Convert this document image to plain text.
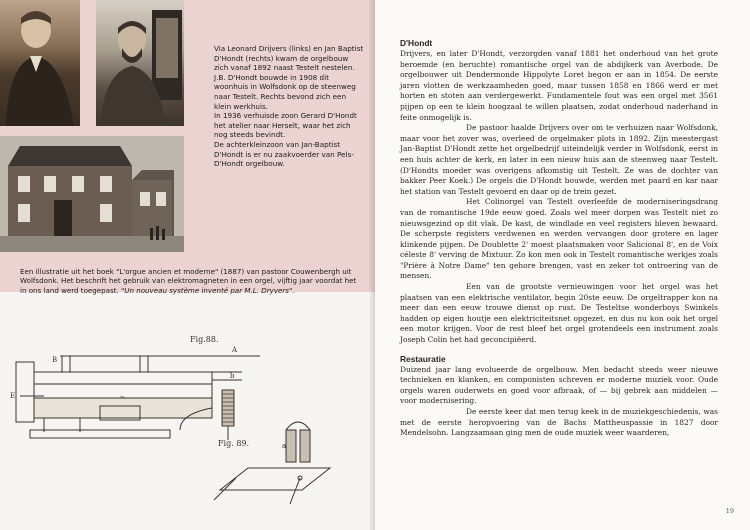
Via Leonard Drijvers (links) en Jan Baptist D'Hondt (rechts) kwam de orgelbouw zich vanaf 1892 naast Testelt nestelen.
J.B. D'Hondt bouwde in 1908 dit woonhuis in Wolfsdonk op de steenweg naar Testelt. Rechts bevond zich een klein werkhuis.
In 1936 verhuisde zoon Gerard D'Hondt het atelier naar Herselt, waar het zich nog steeds bevindt.
De achterkleinzoon van Jan-Baptist D'Hondt is er nu zaakvoerder van Pels-D'Hondt orgelbouw.
Een illustratie uit het boek "L'orgue ancien et moderne" (1887) van pastoor Couwenbergh uit Wolfsdonk. Het beschrift het gebruik van elektromagneten in een orgel, vijftig jaar voordat het in ons land werd toegepast. "Un nouveau système inventé par M.L. Dryvers".
Fig.88.
A
B
E
b
a
Fig. 89.
D'Hondt

Drijvers, en later D'Hondt, verzorgden vanaf 1881 het onderhoud van het grote beroemde (en beruchte) romantische orgel van de abdijkerk van Averbode. De orgelbouwer uit Dendermonde Hippolyte Loret begon er aan in 1854. De eerste jaren vlotten de werkzaamheden goed, maar tussen 1858 en 1866 werd er met horten en stoten aan verdergewerkt. Fundamentele fout was een orgel met 3561 pijpen op een te klein hoogzaal te willen plaatsen, zodat onderhoud naderhand in feite onmogelijk is.

De pastoor haalde Drijvers over om te verhuizen naar Wolfsdonk, maar voor het zover was, overleed de orgelmaker plots in 1892. Zijn meestergast Jan-Baptist D'Hondt zette het orgelbedrijf uiteindelijk verder in Wolfsdonk, eerst in een huis achter de kerk, en later in een nieuw huis aan de steenweg naar Testelt. (D'Hondts moeder was overigens afkomstig uit Testelt. Ze was de dochter van bakker Peer Koek.) De orgels die D'Hondt bouwde, werden met paard en kar naar het station van Testelt gevoerd en daar op de trein gezet.

Het Colinorgel van Testelt overleefde de moderniseringsdrang van de romantische 19de eeuw goed. Zoals wel meer dorpen was Testelt niet zo nieuwsgezind op dit vlak. De kast, de windlade en veel registers bleven bewaard. De scherpste registers verdwenen en werden vervangen door grotere en lager klinkende pijpen. De Doublette 2' moest plaatsmaken voor Salicional 8', en de Voix céleste 8' verving de Mixtuur. Zo kon men ook in Testelt romantische werkjes zoals "Prière à Notre Dame" ten gehore brengen, vast en zeker tot ontroering van de mensen.

Een van de grootste vernieuwingen voor het orgel was het plaatsen van een elektrische ventilator, begin 20ste eeuw. De orgeltrapper kon na meer dan een eeuw trouwe dienst op rust. De Testeltse wonderboys Swinkels hadden op eigen houtje een elektriciteitsnet opgezet, en dus nu kon ook het orgel een motor krijgen. Voor de rest bleef het orgel grotendeels een instrument zoals Joseph Colin het had geconcipiëerd.

Restauratie

Duizend jaar lang evolueerde de orgelbouw. Men bedacht steeds weer nieuwe technieken en klanken, en componisten schreven er moderne muziek voor. Oude orgels waren ouderwets en goed voor afbraak, of — bij gebrek aan middelen — voor modernisering.

De eerste keer dat men terug keek in de muziekgeschiedenis, was met de eerste heropvoering van de Bachs Mattheuspassie in 1827 door Mendelsohn. Langzaamaan ging men de oude muziek weer waarderen,

19
